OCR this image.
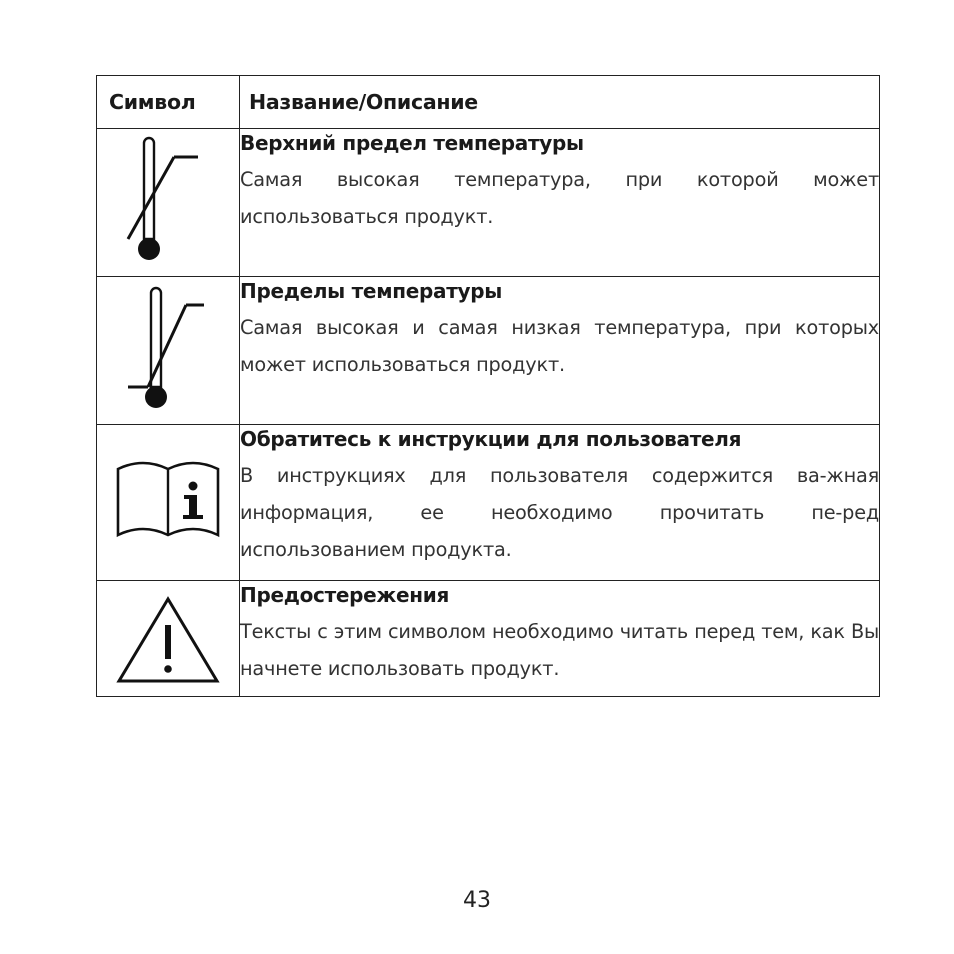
Символ	Название/Описание

Верхний предел температуры
Самая высокая температура, при которой может использоваться продукт.

Пределы температуры
Самая высокая и самая низкая температура, при которых может использоваться продукт.

Обратитесь к инструкции для пользователя
В инструкциях для пользователя содержится ва-жная информация, ее необходимо прочитать пе-ред использованием продукта.

Предостережения
Тексты с этим символом необходимо читать перед тем, как Вы начнете использовать продукт.
43
